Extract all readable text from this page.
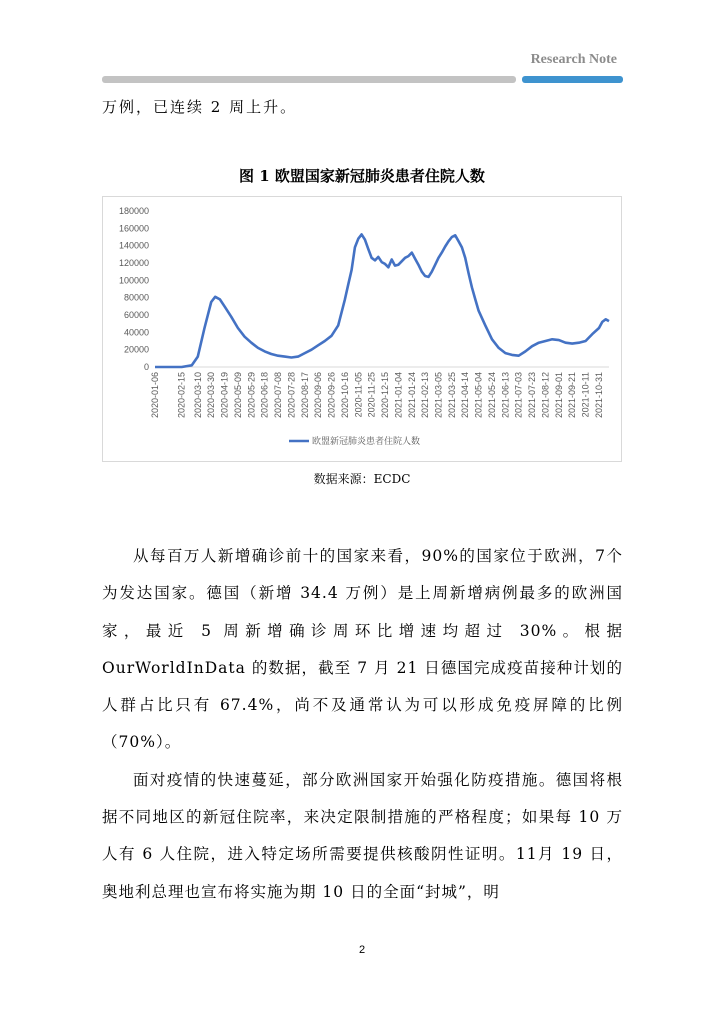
Research Note
万例，已连续 2 周上升。
图 1 欧盟国家新冠肺炎患者住院人数
0
20000
40000
60000
80000
100000
120000
140000
160000
180000
2020-01-06 2020-02-15 2020-03-10 2020-03-30 2020-04-19 2020-05-09 2020-05-29 2020-06-18 2020-07-08 2020-07-28 2020-08-17 2020-09-06 2020-09-26 2020-10-16 2020-11-05 2020-11-25 2020-12-15 2021-01-04 2021-01-24 2021-02-13 2021-03-05 2021-03-25 2021-04-14 2021-05-04 2021-05-24 2021-06-13 2021-07-03 2021-07-23 2021-08-12 2021-09-01 2021-09-21 2021-10-11 2021-10-31
欧盟新冠肺炎患者住院人数
数据来源：ECDC

从每百万人新增确诊前十的国家来看，90%的国家位于欧洲，7个为发达国家。德国（新增 34.4 万例）是上周新增病例最多的欧洲国家，最近 5 周新增确诊周环比增速均超过 30%。根据OurWorldInData 的数据，截至 7 月 21 日德国完成疫苗接种计划的人群占比只有 67.4%，尚不及通常认为可以形成免疫屏障的比例（70%）。

面对疫情的快速蔓延，部分欧洲国家开始强化防疫措施。德国将根据不同地区的新冠住院率，来决定限制措施的严格程度；如果每 10 万人有 6 人住院，进入特定场所需要提供核酸阴性证明。11月 19 日，奥地利总理也宣布将实施为期 10 日的全面“封城”，明

2
